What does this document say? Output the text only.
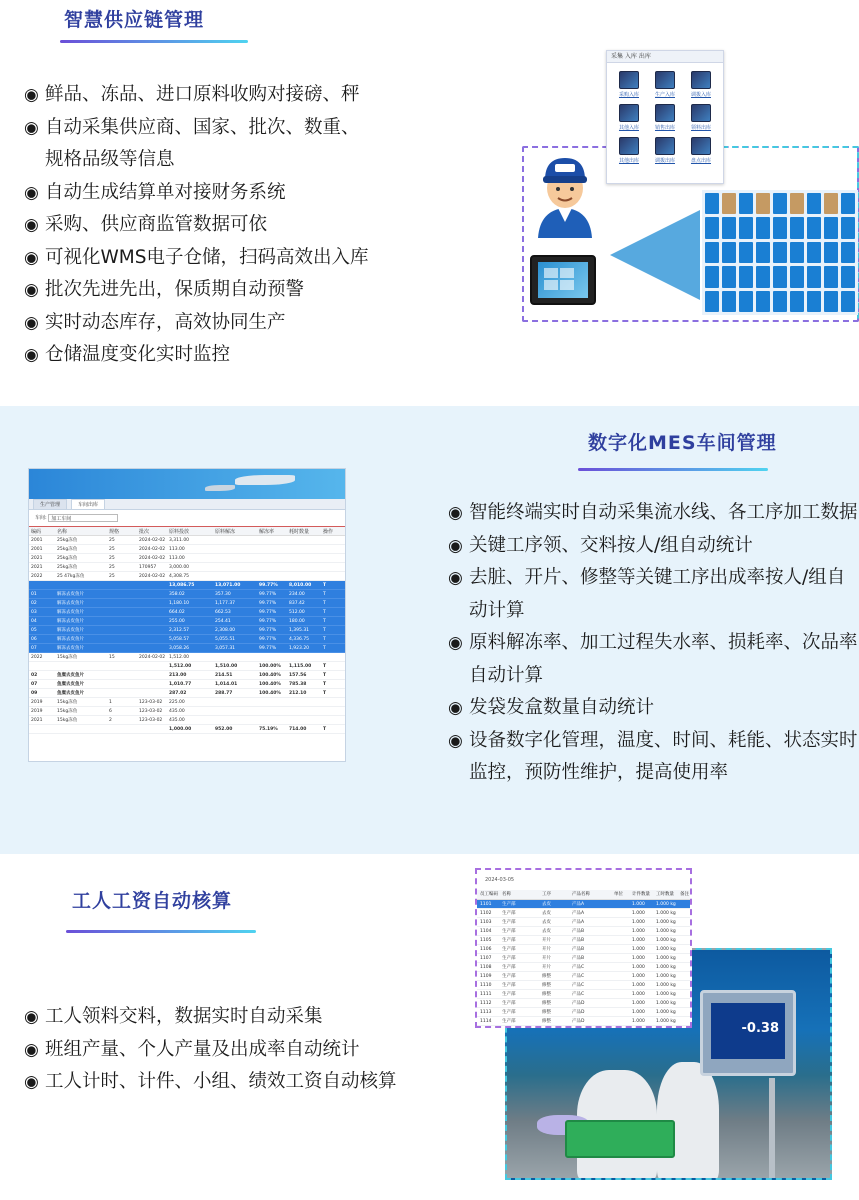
智慧供应链管理
◉ 鲜品、冻品、进口原料收购对接磅、秤
◉ 自动采集供应商、国家、批次、数重、
规格品级等信息
◉ 自动生成结算单对接财务系统
◉ 采购、供应商监管数据可依
◉ 可视化WMS电子仓储，扫码高效出入库
◉ 批次先进先出，保质期自动预警
◉ 实时动态库存，高效协同生产
◉ 仓储温度变化实时监控
采集 入库 出库
采购入库	生产入库	调拨入库
其他入库	销售出库	领料出库
其他出库	调拨出库	盘点出库
数字化MES车间管理
生产管理	车间出库
车间: 加工车间
编码	名称	规格	批次	原料投放	原料解冻	解冻率	耗时数量	操作
2001	25kg冻鱼	25	2024-02-02 3,311.00
2001	25kg冻鱼	25	2024-02-02 113.00
2021	25kg冻鱼	25	2024-02-02 113.00
2021	25kg冻鱼	25	170957	3,000.00
2022	25 47kg冻鱼	25	2024-02-02 4,308.75
13,086.75	13,071.00	99.77%	8,010.00	T
01	解冻去皮鱼片	358.02	357.30	99.77%	234.00	T
02	解冻去皮鱼片	1,180.10	1,177.37	99.77%	837.42	T
03	解冻去皮鱼片	664.02	662.53	99.77%	512.00	T
04	解冻去皮鱼片	255.00	254.41	99.77%	180.00	T
05	解冻去皮鱼片	2,312.57	2,308.00	99.77%	1,395.31	T
06	解冻去皮鱼片	5,058.57	5,055.51	99.77%	4,336.75	T
07	解冻去皮鱼片	3,058.26	3,057.31	99.77%	1,923.20	T
2022	15kg冻鱼	15	2024-02-02 1,512.00
1,512.00	1,510.00	100.00%	1,115.00	T
02	鱼糜去皮鱼片	213.00	214.51	100.40%	157.56	T
07	鱼糜去皮鱼片	1,010.77	1,014.01	100.40%	785.38	T
09	鱼糜去皮鱼片	287.02	288.77	100.40%	212.10	T
2019	15kg冻鱼	1	123-03-02	225.00
2019	15kg冻鱼	6	123-03-02	435.00
2021	15kg冻鱼	2	123-03-02	435.00
1,000.00	952.00	75.19%	714.00	T
◉ 智能终端实时自动采集流水线、各工序加工数据
◉ 关键工序领、交料按人/组自动统计
◉ 去脏、开片、修整等关键工序出成率按人/组自动计算
◉ 原料解冻率、加工过程失水率、损耗率、次品率自动计算
◉ 发袋发盒数量自动统计
◉ 设备数字化管理，温度、时间、耗能、状态实时监控，预防性维护，提高使用率
工人工资自动核算
◉ 工人领料交料，数据实时自动采集
◉ 班组产量、个人产量及出成率自动统计
◉ 工人计时、计件、小组、绩效工资自动核算
-0.38
2024-03-05
员工编码 名称	工序	产品名称	单位	计件数量	工时数量	备注
1101	生产部	去皮	产品A	1.000	1.000 kg
1102	生产部	去皮	产品A	1.000	1.000 kg
1103	生产部	去皮	产品A	1.000	1.000 kg
1104	生产部	去皮	产品B	1.000	1.000 kg
1105	生产部	开片	产品B	1.000	1.000 kg
1106	生产部	开片	产品B	1.000	1.000 kg
1107	生产部	开片	产品B	1.000	1.000 kg
1108	生产部	开片	产品C	1.000	1.000 kg
1109	生产部	修整	产品C	1.000	1.000 kg
1110	生产部	修整	产品C	1.000	1.000 kg
1111	生产部	修整	产品C	1.000	1.000 kg
1112	生产部	修整	产品D	1.000	1.000 kg
1113	生产部	修整	产品D	1.000	1.000 kg
1114	生产部	修整	产品D	1.000	1.000 kg
